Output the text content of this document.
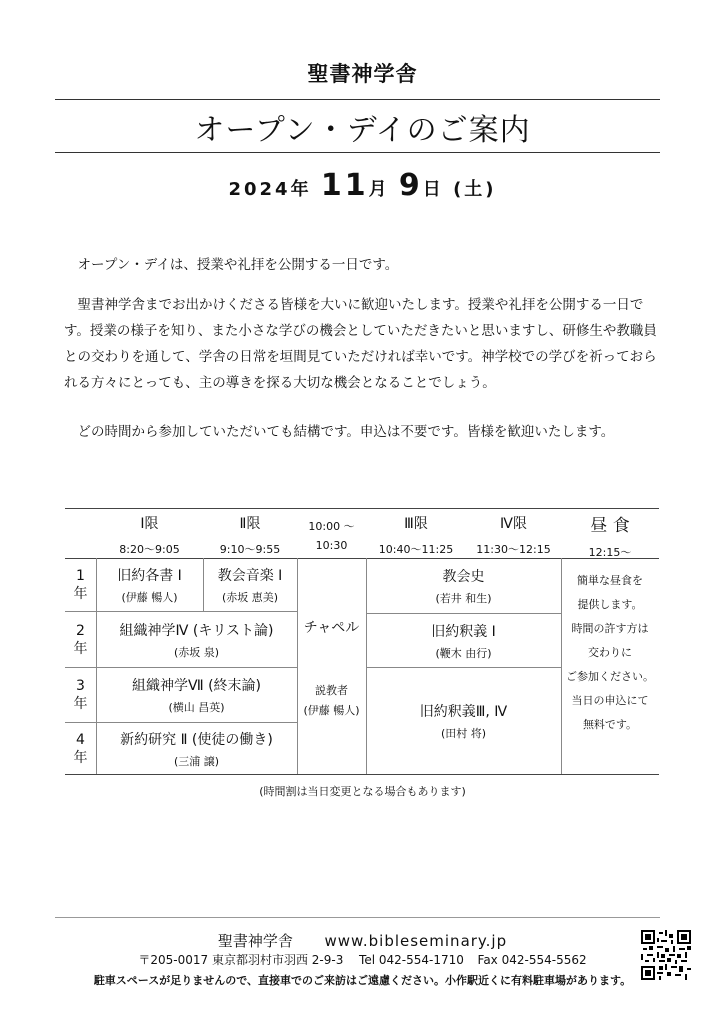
聖書神学舎
オープン・デイのご案内
2024年 11月 9日 (土)
オープン・デイは、授業や礼拝を公開する一日です。
聖書神学舎までお出かけくださる皆様を大いに歓迎いたします。授業や礼拝を公開する一日です。授業の様子を知り、また小さな学びの機会としていただきたいと思いますし、研修生や教職員との交わりを通して、学舎の日常を垣間見ていただければ幸いです。神学校での学びを祈っておられる方々にとっても、主の導きを探る大切な機会となることでしょう。
どの時間から参加していただいても結構です。申込は不要です。皆様を歓迎いたします。
Ⅰ限
8:20〜9:05
Ⅱ限
9:10〜9:55
10:00 〜
10:30
Ⅲ限
10:40〜11:25
Ⅳ限
11:30〜12:15
昼 食
12:15〜
1
年
2
年
3
年
4
年
旧約各書 Ⅰ
(伊藤 暢人)
教会音楽 Ⅰ
(赤坂 恵美)
組織神学Ⅳ (キリスト論)
(赤坂 泉)
組織神学Ⅶ (終末論)
(横山 昌英)
新約研究 Ⅱ (使徒の働き)
(三浦 譲)
チャペル
説教者
(伊藤 暢人)
教会史
(若井 和生)
旧約釈義 Ⅰ
(鞭木 由行)
旧約釈義Ⅲ, Ⅳ
(田村 将)
簡単な昼食を
提供します。
時間の許す方は
交わりに
ご参加ください。
当日の申込にて
無料です。
(時間割は当日変更となる場合もあります)
聖書神学舎 www.bibleseminary.jp
〒205-0017 東京都羽村市羽西 2-9-3 Tel 042-554-1710 Fax 042-554-5562
駐車スペースが足りませんので、直接車でのご来訪はご遠慮ください。小作駅近くに有料駐車場があります。
